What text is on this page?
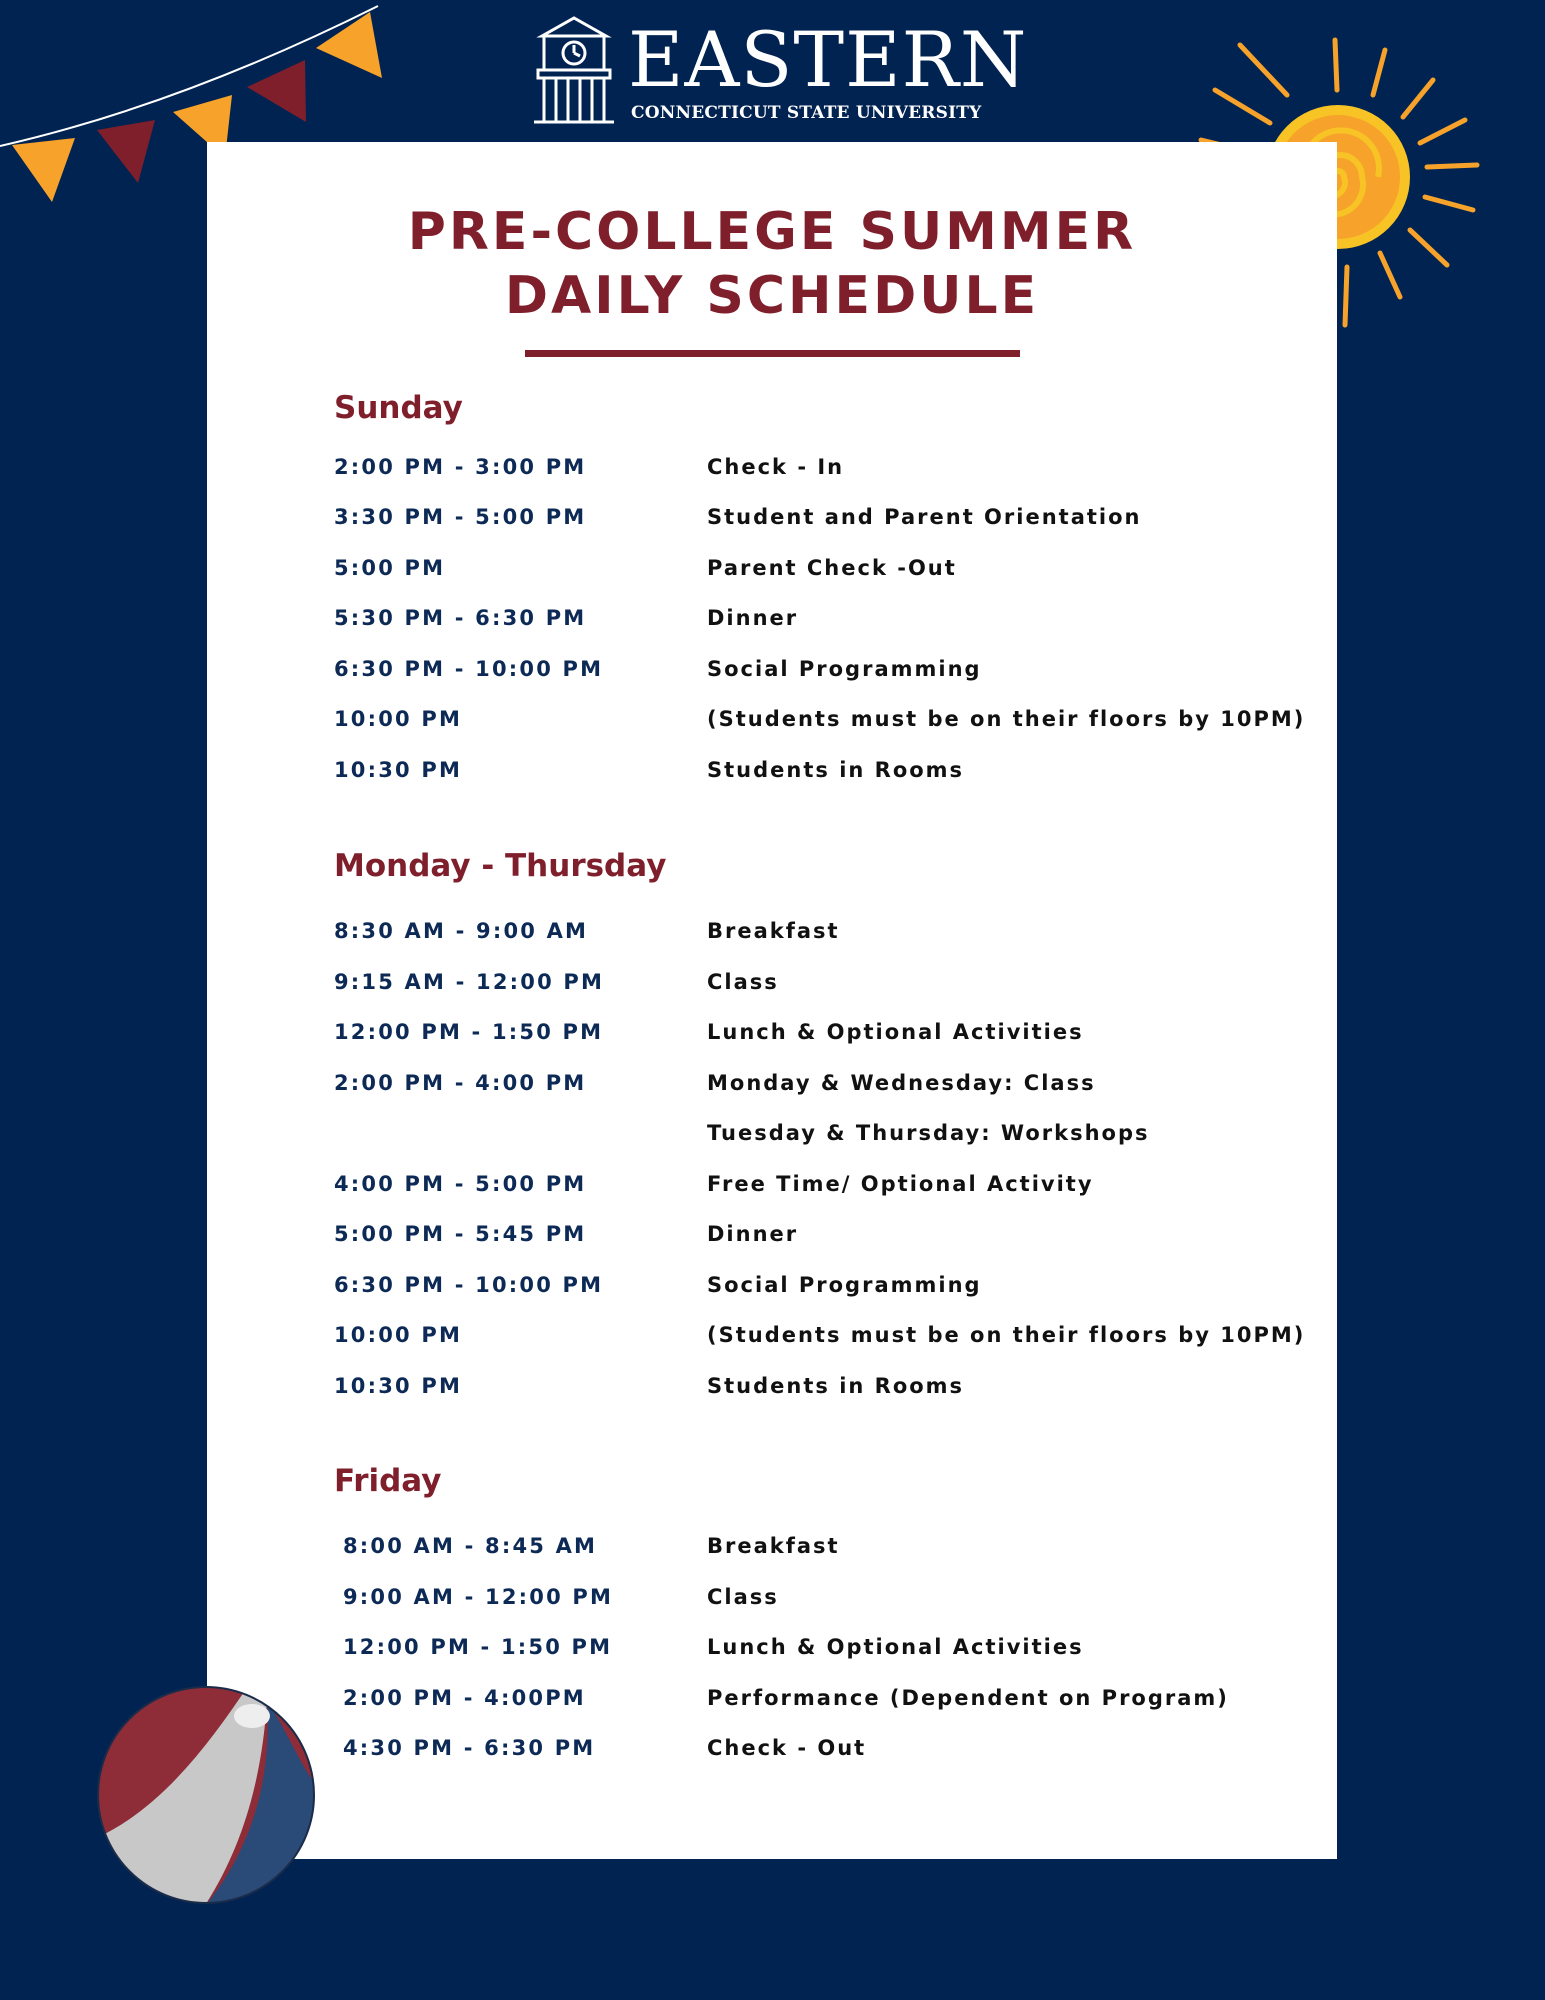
EASTERN
CONNECTICUT STATE UNIVERSITY
PRE-COLLEGE SUMMER
DAILY SCHEDULE
Sunday
2:00 PM - 3:00 PM	Check - In
3:30 PM - 5:00 PM	Student and Parent Orientation
5:00 PM	Parent Check -Out
5:30 PM - 6:30 PM	Dinner
6:30 PM - 10:00 PM	Social Programming
10:00 PM	(Students must be on their floors by 10PM)
10:30 PM	Students in Rooms
Monday - Thursday
8:30 AM - 9:00 AM	Breakfast
9:15 AM - 12:00 PM	Class
12:00 PM - 1:50 PM	Lunch & Optional Activities
2:00 PM - 4:00 PM	Monday & Wednesday: Class
Tuesday & Thursday: Workshops
4:00 PM - 5:00 PM	Free Time/ Optional Activity
5:00 PM - 5:45 PM	Dinner
6:30 PM - 10:00 PM	Social Programming
10:00 PM	(Students must be on their floors by 10PM)
10:30 PM	Students in Rooms
Friday
8:00 AM - 8:45 AM	Breakfast
9:00 AM - 12:00 PM	Class
12:00 PM - 1:50 PM	Lunch & Optional Activities
2:00 PM - 4:00PM	Performance (Dependent on Program)
4:30 PM - 6:30 PM	Check - Out
